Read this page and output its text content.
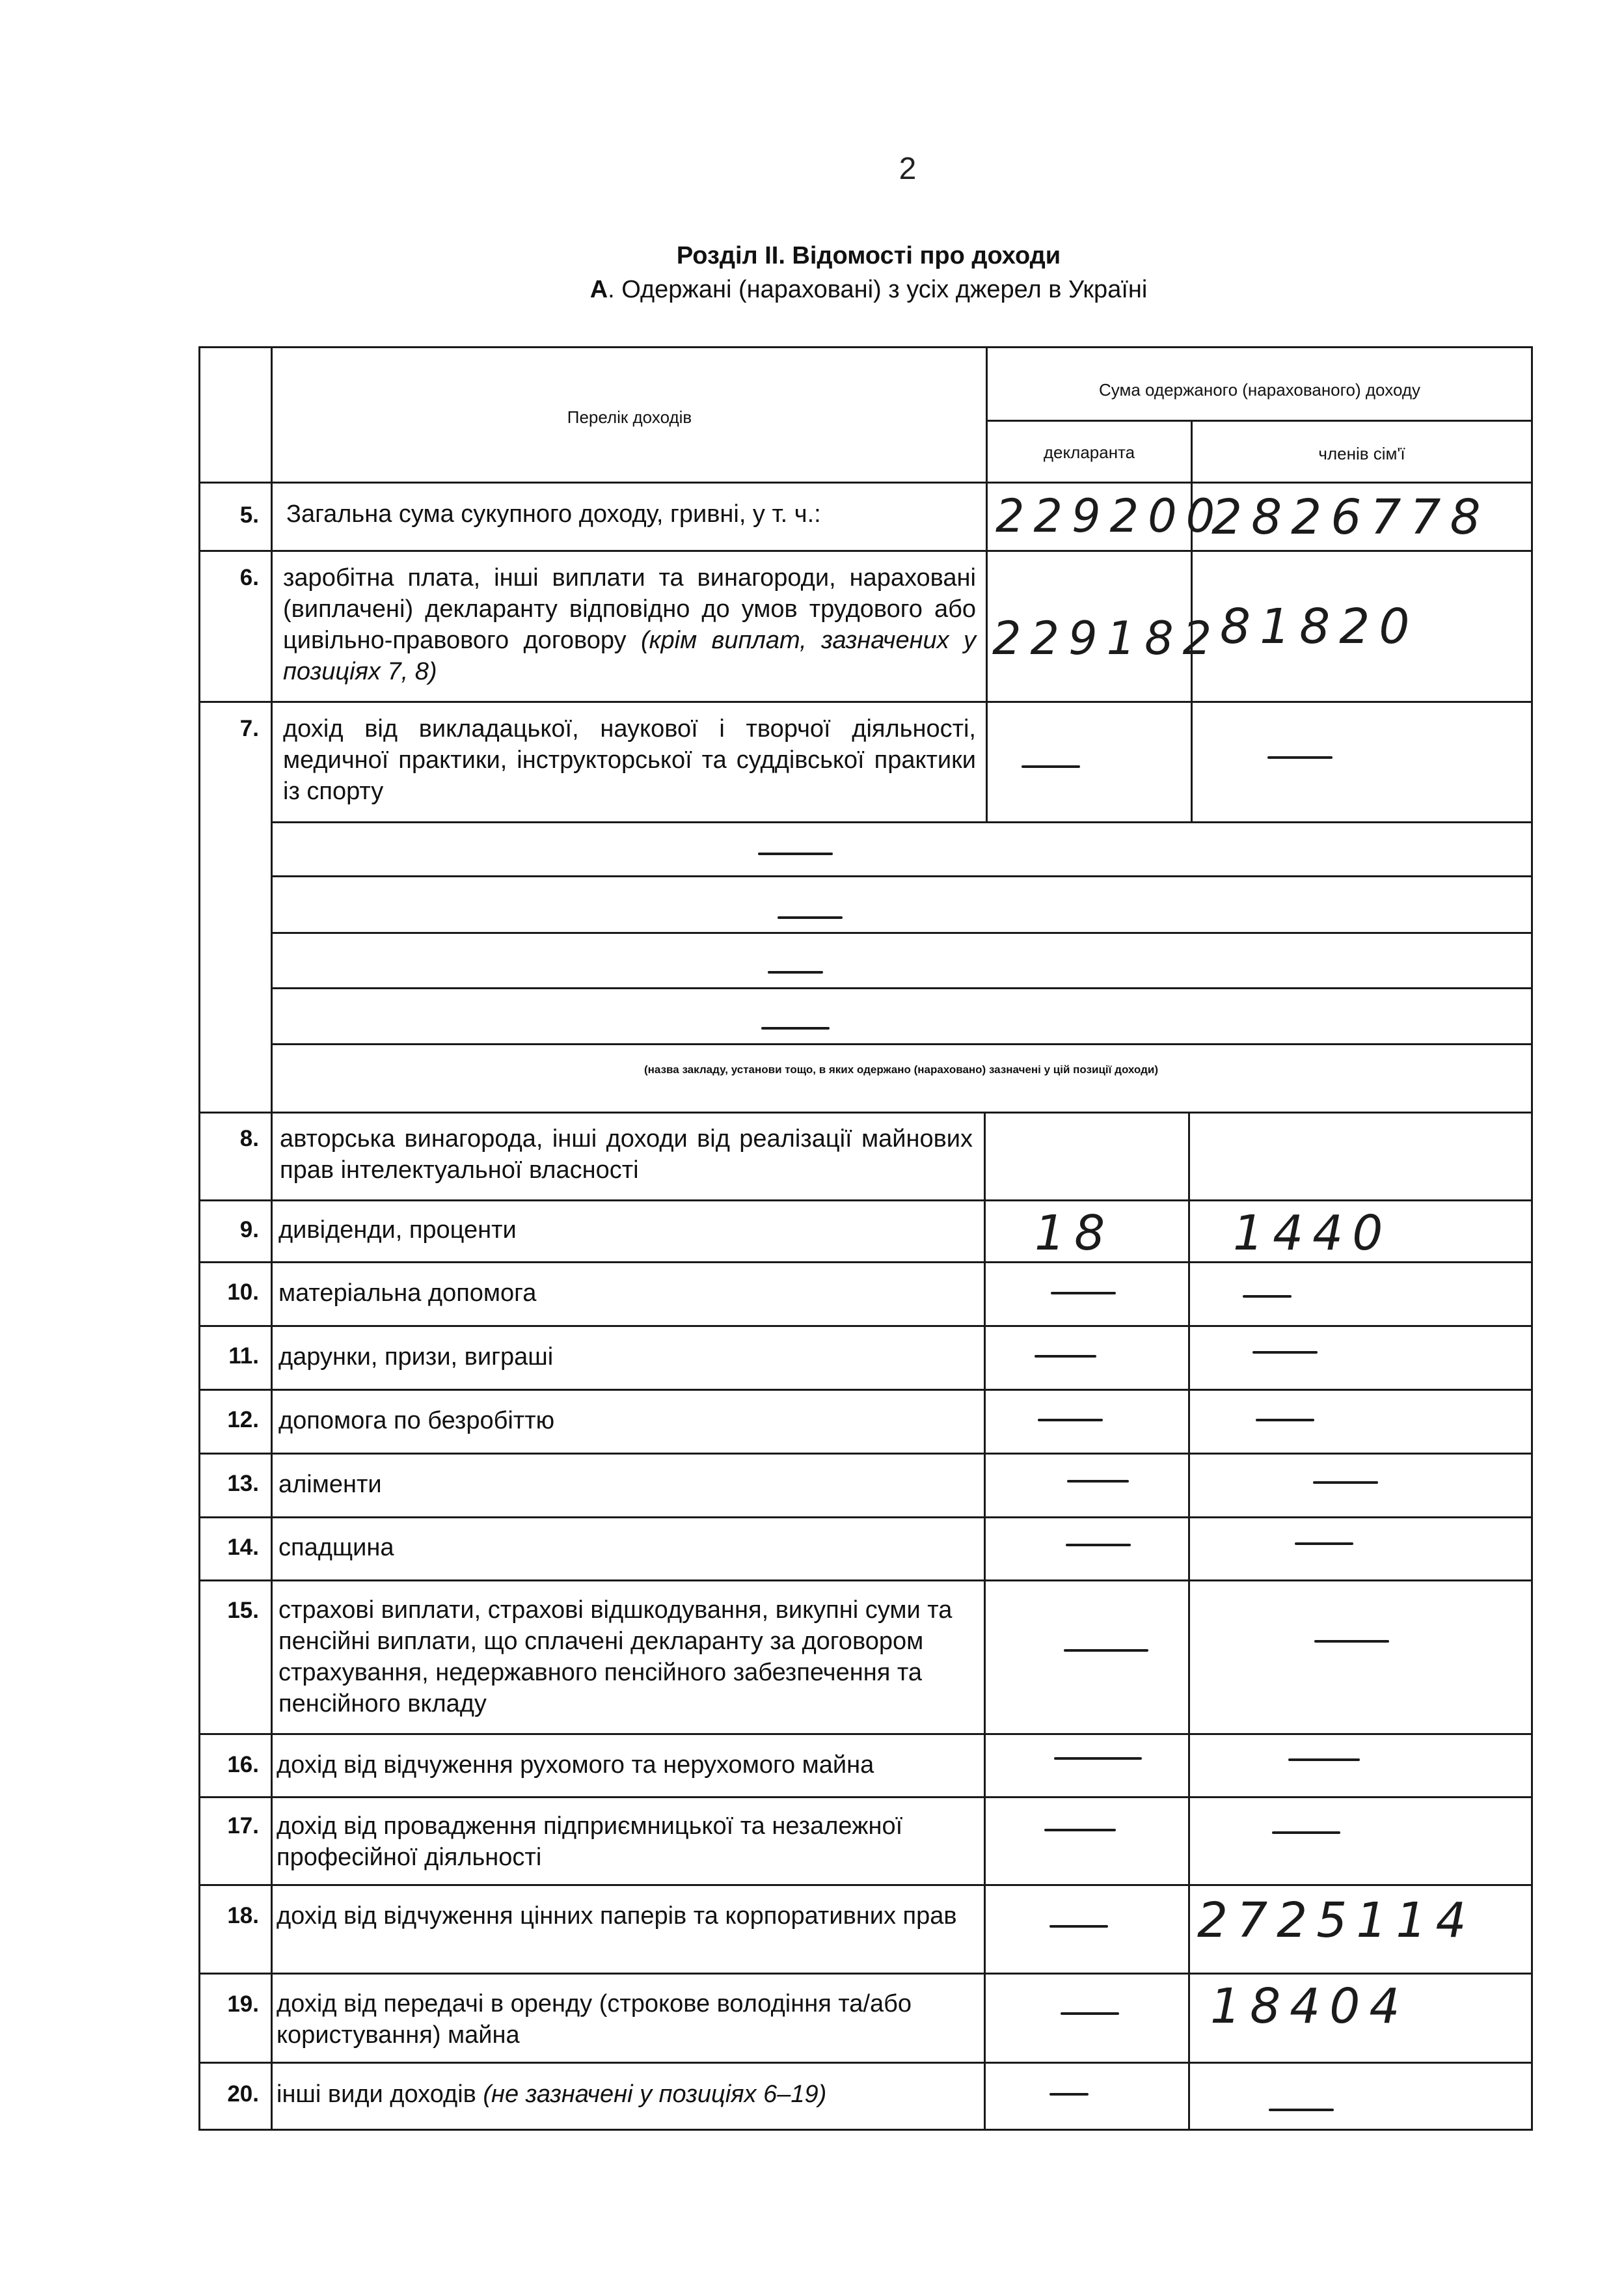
2
Розділ ІІ. Відомості про доходи
А. Одержані (нараховані) з усіх джерел в Україні
Перелік доходів
Сума одержаного (нарахованого) доходу
декларанта	членів сім'ї
5.
6.
7.
8.
9.
10.
11.
12.
13.
14.
15.
16.
17.
18.
19.
20.
Загальна сума сукупного доходу, гривні, у т. ч.:
заробітна плата, інші виплати та винагороди, нараховані (виплачені) декларанту відповідно до умов трудового або цивільно-правового договору (крім виплат, зазначених у позиціях 7, 8)
дохід від викладацької, наукової і творчої діяльності, медичної практики, інструкторської та суддівської практики із спорту
авторська винагорода, інші доходи від реалізації майнових прав інтелектуальної власності
дивіденди, проценти
матеріальна допомога
дарунки, призи, виграші
допомога по безробіттю
аліменти
спадщина
страхові виплати, страхові відшкодування, викупні суми та пенсійні виплати, що сплачені декларанту за договором страхування, недержавного пенсійного забезпечення та пенсійного вкладу
дохід від відчуження рухомого та нерухомого майна
дохід від провадження підприємницької та незалежної професійної діяльності
дохід від відчуження цінних паперів та корпоративних прав
дохід від передачі в оренду (строкове володіння та/або користування) майна
інші види доходів (не зазначені у позиціях 6–19)
229200
2826778
229182
81820
18 1440
2725114
18404
(назва закладу, установи тощо, в яких одержано (нараховано) зазначені у цій позиції доходи)
